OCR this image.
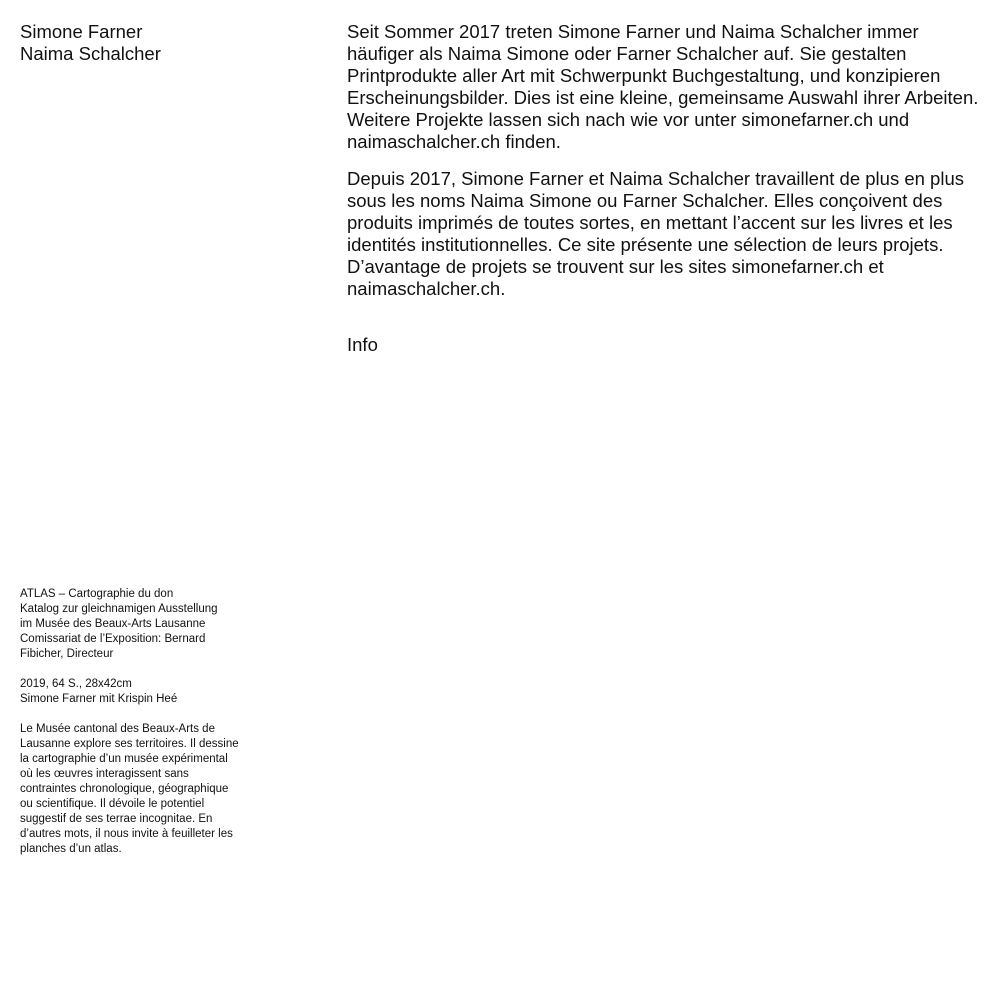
Simone Farner
Naima Schalcher

Seit Sommer 2017 treten Simone Farner und Naima Schalcher immer häufiger als Naima Simone oder Farner Schalcher auf. Sie gestalten Printprodukte aller Art mit Schwerpunkt Buchgestaltung, und konzipieren Erscheinungsbilder. Dies ist eine kleine, gemeinsame Auswahl ihrer Arbeiten. Weitere Projekte lassen sich nach wie vor unter simonefarner.ch und naimaschalcher.ch finden.

Depuis 2017, Simone Farner et Naima Schalcher travaillent de plus en plus sous les noms Naima Simone ou Farner Schalcher. Elles conçoivent des produits imprimés de toutes sortes, en mettant l’accent sur les livres et les identités institutionnelles. Ce site présente une sélection de leurs projets. D’avantage de projets se trouvent sur les sites simonefarner.ch et naimaschalcher.ch.

Info

ATLAS – Cartographie du don
Katalog zur gleichnamigen Ausstellung
im Musée des Beaux-Arts Lausanne
Comissariat de l’Exposition: Bernard
Fibicher, Directeur

2019, 64 S., 28x42cm
Simone Farner mit Krispin Heé

Le Musée cantonal des Beaux-Arts de
Lausanne explore ses territoires. Il dessine
la cartographie d’un musée expérimental
où les œuvres interagissent sans
contraintes chronologique, géographique
ou scientifique. Il dévoile le potentiel
suggestif de ses terrae incognitae. En
d’autres mots, il nous invite à feuilleter les
planches d’un atlas.
